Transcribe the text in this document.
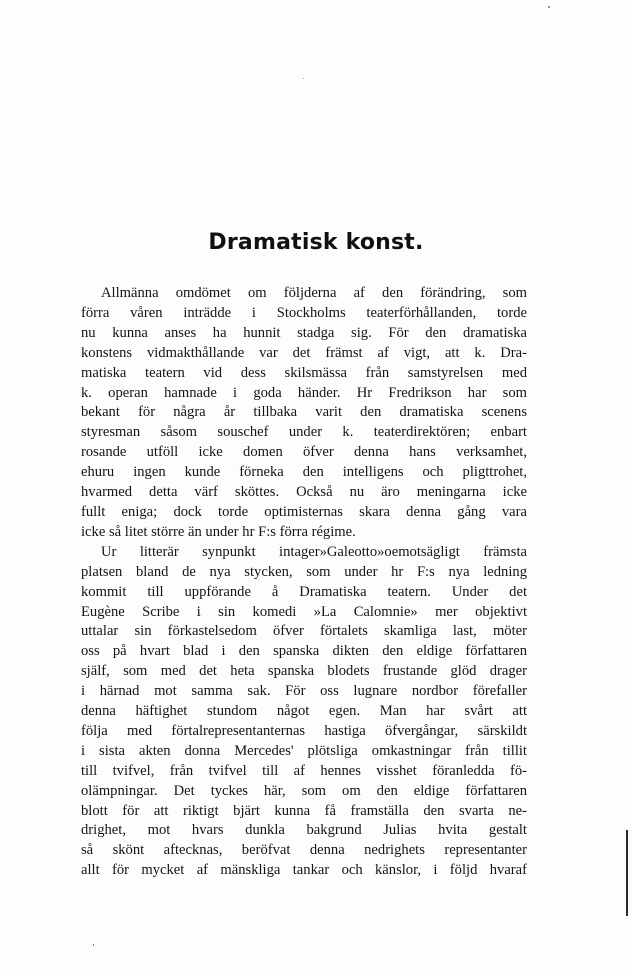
Dramatisk konst.
Allmänna omdömet om följderna af den förändring, som
förra våren inträdde i Stockholms teaterförhållanden, torde
nu kunna anses ha hunnit stadga sig. För den dramatiska
konstens vidmakthållande var det främst af vigt, att k. Dra-
matiska teatern vid dess skilsmässa från samstyrelsen med
k. operan hamnade i goda händer. Hr Fredrikson har som
bekant för några år tillbaka varit den dramatiska scenens
styresman såsom souschef under k. teaterdirektören; enbart
rosande utföll icke domen öfver denna hans verksamhet,
ehuru ingen kunde förneka den intelligens och pligttrohet,
hvarmed detta värf sköttes. Också nu äro meningarna icke
fullt eniga; dock torde optimisternas skara denna gång vara
icke så litet större än under hr F:s förra régime.
Ur litterär synpunkt intager»Galeotto»oemotsägligt främsta
platsen bland de nya stycken, som under hr F:s nya ledning
kommit till uppförande å Dramatiska teatern. Under det
Eugène Scribe i sin komedi »La Calomnie» mer objektivt
uttalar sin förkastelsedom öfver förtalets skamliga last, möter
oss på hvart blad i den spanska dikten den eldige författaren
själf, som med det heta spanska blodets frustande glöd drager
i härnad mot samma sak. För oss lugnare nordbor förefaller
denna häftighet stundom något egen. Man har svårt att
följa med förtalrepresentanternas hastiga öfvergångar, särskildt
i sista akten donna Mercedes' plötsliga omkastningar från tillit
till tvifvel, från tvifvel till af hennes visshet föranledda fö-
olämpningar. Det tyckes här, som om den eldige författaren
blott för att riktigt bjärt kunna få framställa den svarta ne-
drighet, mot hvars dunkla bakgrund Julias hvita gestalt
så skönt aftecknas, beröfvat denna nedrighets representanter
allt för mycket af mänskliga tankar och känslor, i följd hvaraf
